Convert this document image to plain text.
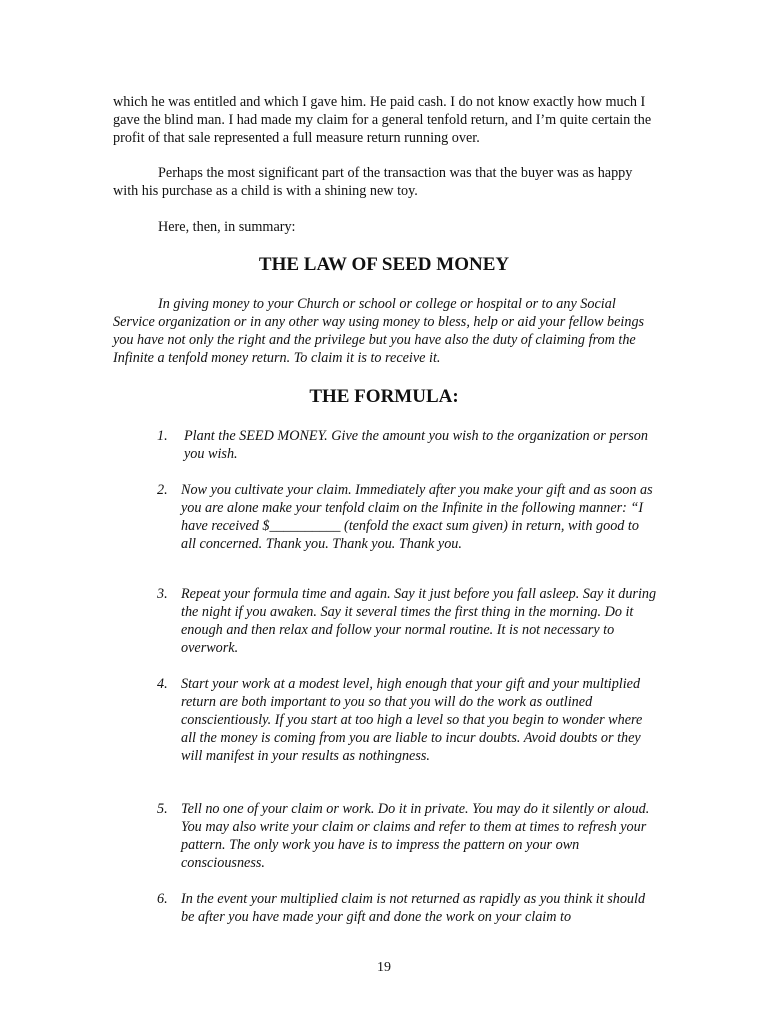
which he was entitled and which I gave him. He paid cash. I do not know exactly how much I gave the blind man. I had made my claim for a general tenfold return, and I’m quite certain the profit of that sale represented a full measure return running over.

Perhaps the most significant part of the transaction was that the buyer was as happy with his purchase as a child is with a shining new toy.

Here, then, in summary:

THE LAW OF SEED MONEY

In giving money to your Church or school or college or hospital or to any Social Service organization or in any other way using money to bless, help or aid your fellow beings you have not only the right and the privilege but you have also the duty of claiming from the Infinite a tenfold money return. To claim it is to receive it.

THE FORMULA:
1. Plant the SEED MONEY. Give the amount you wish to the organization or person you wish.
2. Now you cultivate your claim. Immediately after you make your gift and as soon as you are alone make your tenfold claim on the Infinite in the following manner: “I have received $__________ (tenfold the exact sum given) in return, with good to all concerned. Thank you. Thank you. Thank you.
3. Repeat your formula time and again. Say it just before you fall asleep. Say it during the night if you awaken. Say it several times the first thing in the morning. Do it enough and then relax and follow your normal routine. It is not necessary to overwork.
4. Start your work at a modest level, high enough that your gift and your multiplied return are both important to you so that you will do the work as outlined conscientiously. If you start at too high a level so that you begin to wonder where all the money is coming from you are liable to incur doubts. Avoid doubts or they will manifest in your results as nothingness.
5. Tell no one of your claim or work. Do it in private. You may do it silently or aloud. You may also write your claim or claims and refer to them at times to refresh your pattern. The only work you have is to impress the pattern on your own consciousness.
6. In the event your multiplied claim is not returned as rapidly as you think it should be after you have made your gift and done the work on your claim to
19
